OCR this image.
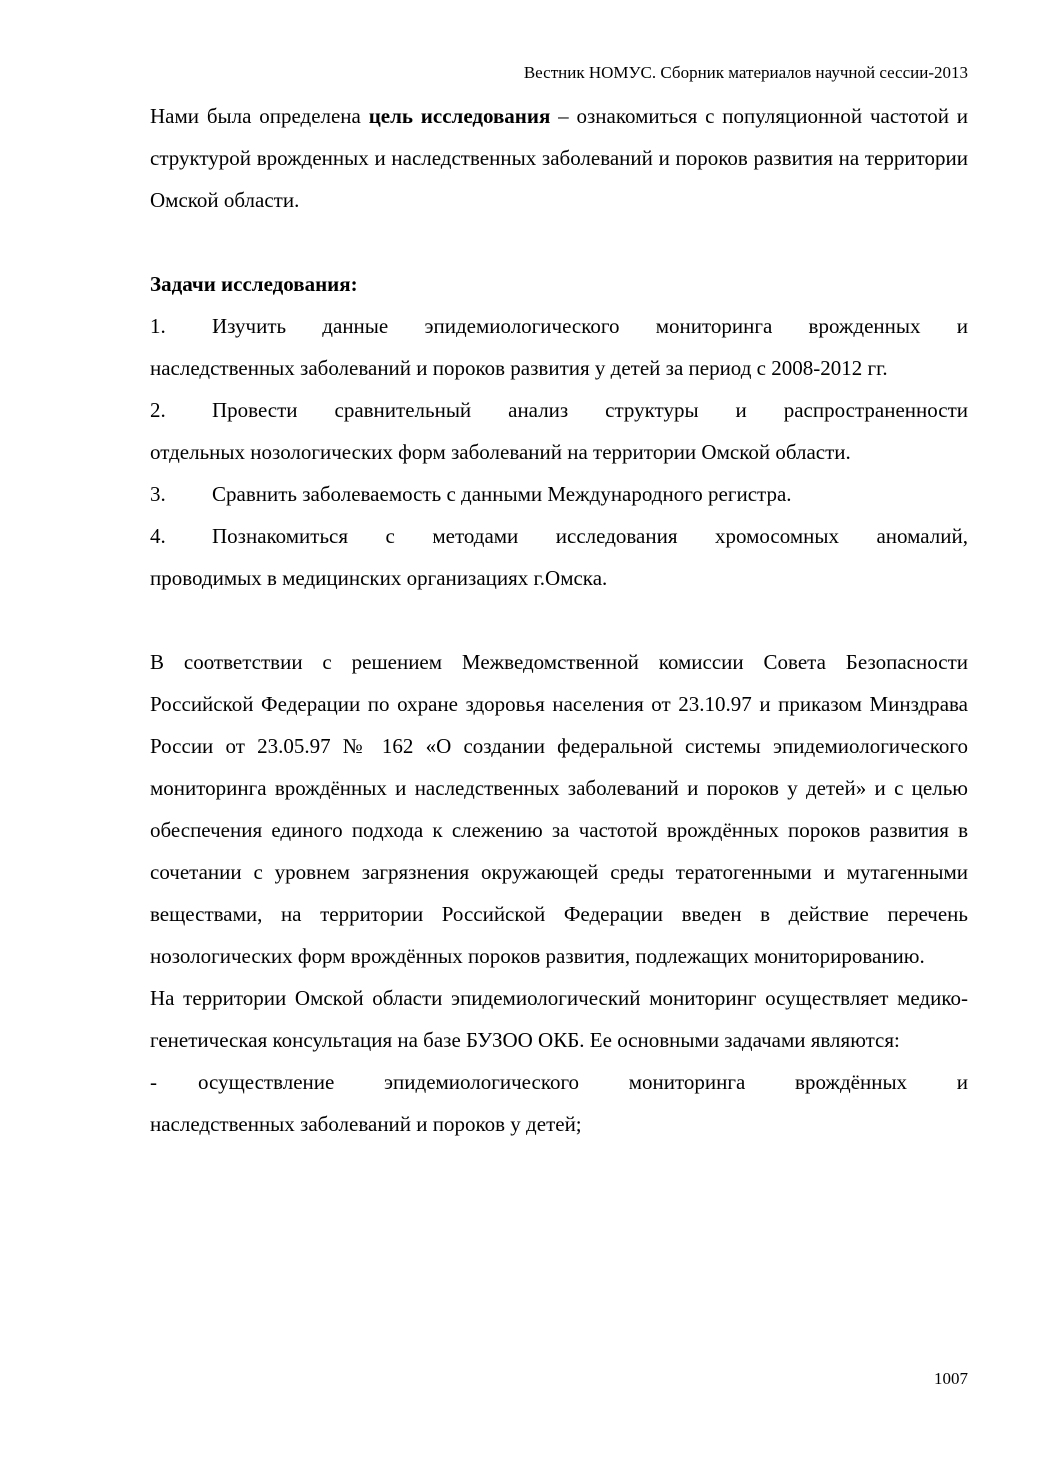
Вестник НОМУС. Сборник материалов научной сессии-2013

Нами была определена цель исследования – ознакомиться с популяционной частотой и структурой врожденных и наследственных заболеваний и пороков развития на территории Омской области.

Задачи исследования:

1.	Изучить данные эпидемиологического мониторинга врожденных и

наследственных заболеваний и пороков развития у детей за период с 2008-2012 гг.

2.	Провести сравнительный анализ структуры и распространенности

отдельных нозологических форм заболеваний на территории Омской области.

3.	Сравнить заболеваемость с данными Международного регистра.
4.	Познакомиться с методами исследования хромосомных аномалий,

проводимых в медицинских организациях г.Омска.

В соответствии с решением Межведомственной комиссии Совета Безопасности Российской Федерации по охране здоровья населения от 23.10.97 и приказом Минздрава России от 23.05.97 № 162 «О создании федеральной системы эпидемиологического мониторинга врождённых и наследственных заболеваний и пороков у детей» и с целью обеспечения единого подхода к слежению за частотой врождённых пороков развития в сочетании с уровнем загрязнения окружающей среды тератогенными и мутагенными веществами, на территории Российской Федерации введен в действие перечень нозологических форм врождённых пороков развития, подлежащих мониторированию.

На территории Омской области эпидемиологический мониторинг осуществляет медико-генетическая консультация на базе БУЗОО ОКБ. Ее основными задачами являются:

-	осуществление эпидемиологического мониторинга врождённых и

наследственных заболеваний и пороков у детей;

1007
